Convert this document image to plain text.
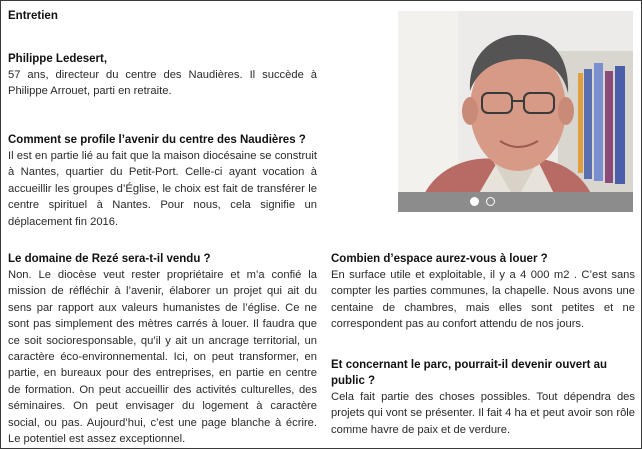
Entretien

Philippe Ledesert,

57 ans, directeur du centre des Naudières. Il succède à Philippe Arrouet, parti en retraite.

Comment se profile l’avenir du centre des Naudières ?

Il est en partie lié au fait que la maison diocésaine se construit à Nantes, quartier du Petit-Port. Celle-ci ayant vocation à accueillir les groupes d’Église, le choix est fait de transférer le centre spirituel à Nantes. Pour nous, cela signifie un déplacement fin 2016.

Le domaine de Rezé sera-t-il vendu ?

Non. Le diocèse veut rester propriétaire et m’a confié la mission de réfléchir à l’avenir, élaborer un projet qui ait du sens par rapport aux valeurs humanistes de l’église. Ce ne sont pas simplement des mètres carrés à louer. Il faudra que ce soit socioresponsable, qu’il y ait un ancrage territorial, un caractère éco-environnemental. Ici, on peut transformer, en partie, en bureaux pour des entreprises, en partie en centre de formation. On peut accueillir des activités culturelles, des séminaires. On peut envisager du logement à caractère social, ou pas. Aujourd’hui, c’est une page blanche à écrire. Le potentiel est assez exceptionnel.

Combien d’espace aurez-vous à louer ?

En surface utile et exploitable, il y a 4 000 m2 . C’est sans compter les parties communes, la chapelle. Nous avons une centaine de chambres, mais elles sont petites et ne correspondent pas au confort attendu de nos jours.

Et concernant le parc, pourrait-il devenir ouvert au public ?

Cela fait partie des choses possibles. Tout dépendra des projets qui vont se présenter. Il fait 4 ha et peut avoir son rôle comme havre de paix et de verdure.
